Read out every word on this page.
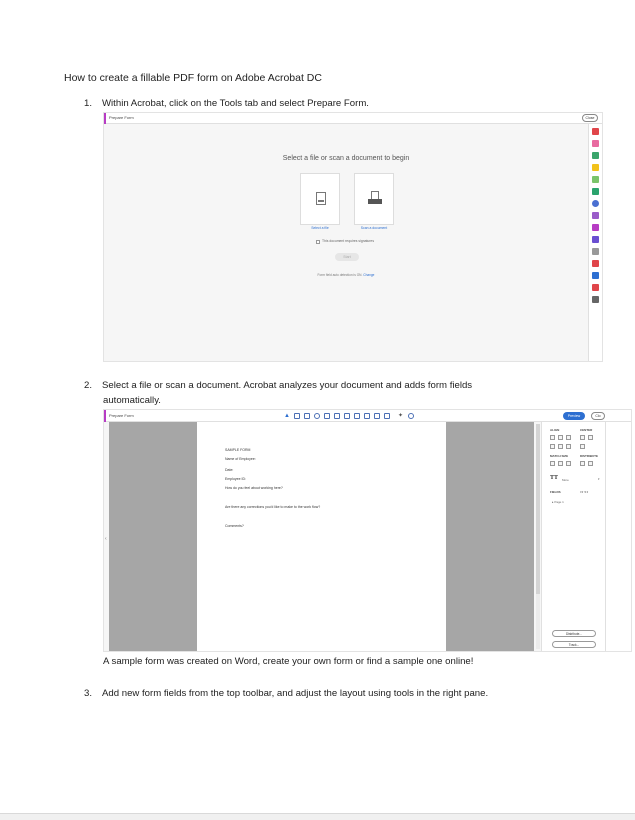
How to create a fillable PDF form on Adobe Acrobat DC
1. Within Acrobat, click on the Tools tab and select Prepare Form.
Prepare Form	Close
Select a file or scan a document to begin
Select a file	Scan a document
This document requires signatures
Start
Form field auto detection is ON. Change
2. Select a file or scan a document. Acrobat analyzes your document and adds form fields
automatically.
Prepare Form	▲	✦	Preview	Clo
‹
SAMPLE FORM
Name of Employee:
Date:
Employee ID:
How do you feel about working here?
Are there any corrections you'd like to make to the work flow?
Comments?
ALIGN	CENTER
MATCH SIZE	DISTRIBUTE
TT More	▾
FIELDS	≡▾ ⇅▾
▸ Page 1
Distribute...
Track...
A sample form was created on Word, create your own form or find a sample one online!
3. Add new form fields from the top toolbar, and adjust the layout using tools in the right pane.
